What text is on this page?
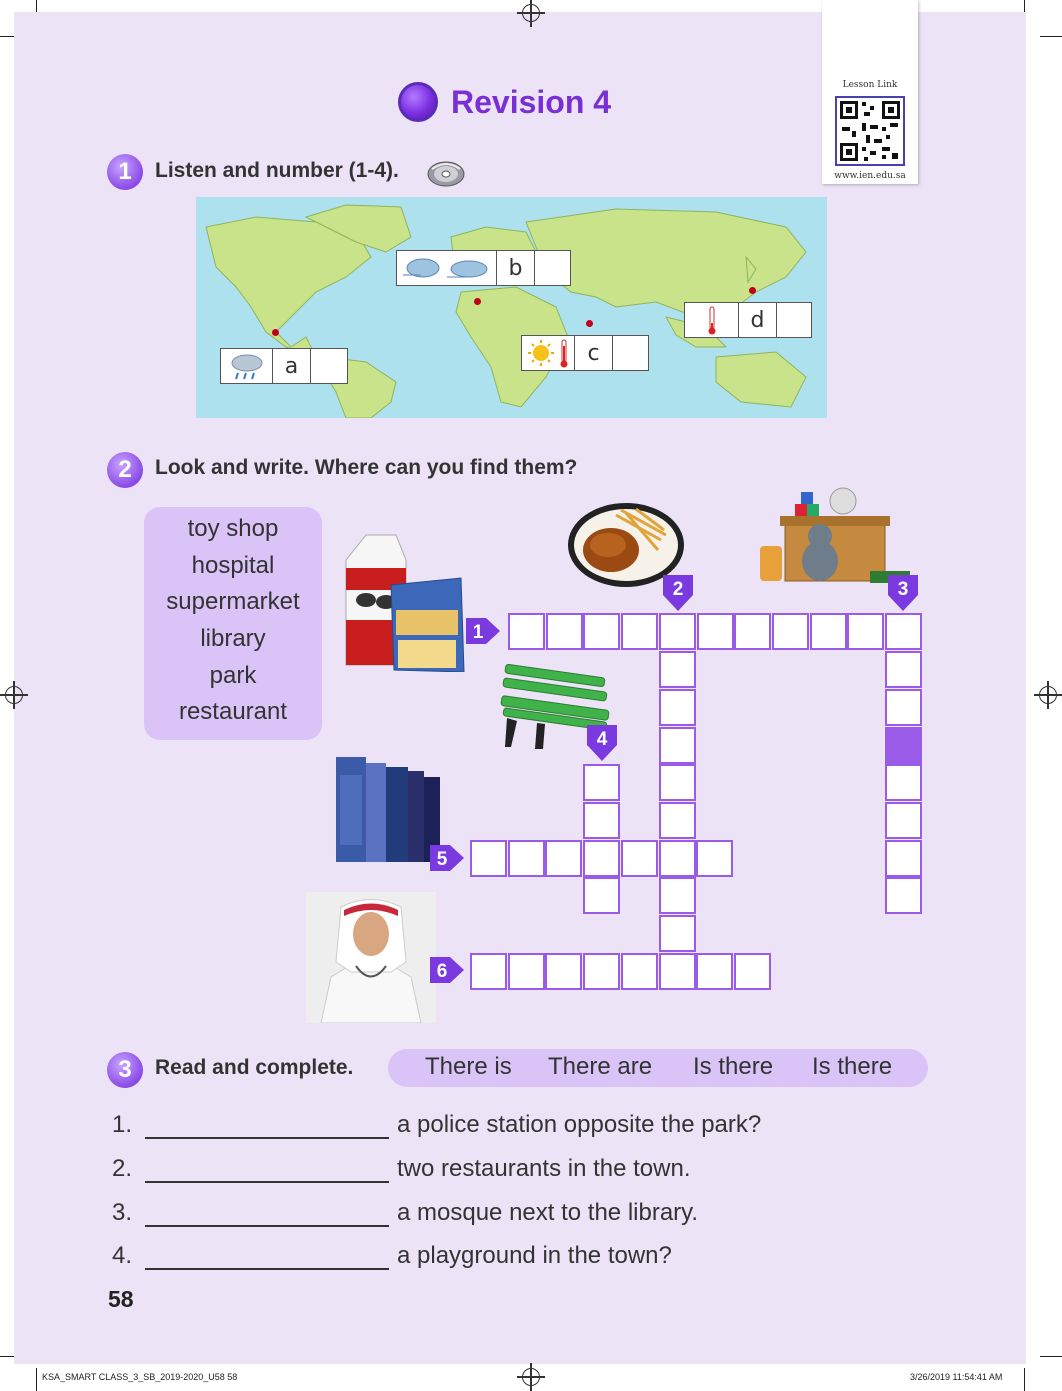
Lesson Link
www.ien.edu.sa
Revision 4
1	Listen and number (1-4).
a
b
c
d
2	Look and write. Where can you find them?
toy shop
hospital
supermarket
library
park
restaurant
1
2	3
4
5
6
3	Read and complete.	There is There are Is there Is there
1.	a police station opposite the park?
2.	two restaurants in the town.
3.	a mosque next to the library.
4.	a playground in the town?
58
KSA_SMART CLASS_3_SB_2019-2020_U58 58	3/26/2019 11:54:41 AM
